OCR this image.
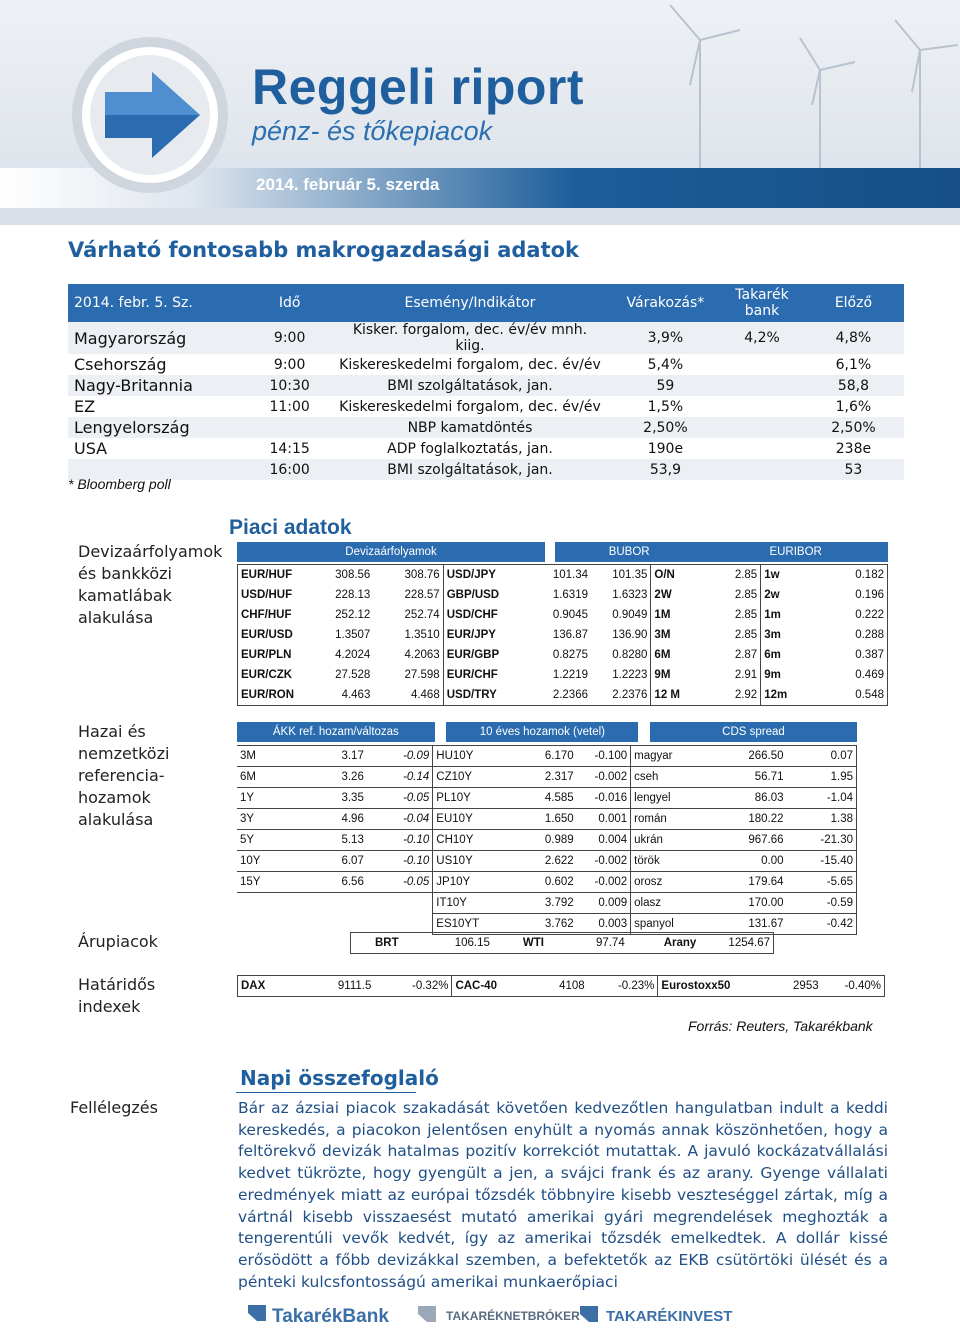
Reggeli riport
pénz- és tőkepiacok
2014. február 5. szerda
Várható fontosabb makrogazdasági adatok
2014. febr. 5. Sz.	Idő	Esemény/Indikátor	Várakozás*	Takarék bank	Előző
Magyarország	9:00	Kisker. forgalom, dec. év/év mnh. kiig.	3,9%	4,2%	4,8%
Csehország	9:00	Kiskereskedelmi forgalom, dec. év/év	5,4%		6,1%
Nagy-Britannia	10:30	BMI szolgáltatások, jan.	59		58,8
EZ	11:00	Kiskereskedelmi forgalom, dec. év/év	1,5%		1,6%
Lengyelország		NBP kamatdöntés	2,50%		2,50%
USA	14:15	ADP foglalkoztatás, jan.	190e		238e
	16:00	BMI szolgáltatások, jan.	53,9		53
* Bloomberg poll
Piaci adatok
Devizaárfolyamok és bankközi kamatlábak alakulása
Devizaárfolyamok		BUBOR	EURIBOR
EUR/HUF	308.56	308.76	USD/JPY	101.34	101.35	O/N	2.85	1w	0.182
USD/HUF	228.13	228.57	GBP/USD	1.6319	1.6323	2W	2.85	2w	0.196
CHF/HUF	252.12	252.74	USD/CHF	0.9045	0.9049	1M	2.85	1m	0.222
EUR/USD	1.3507	1.3510	EUR/JPY	136.87	136.90	3M	2.85	3m	0.288
EUR/PLN	4.2024	4.2063	EUR/GBP	0.8275	0.8280	6M	2.87	6m	0.387
EUR/CZK	27.528	27.598	EUR/CHF	1.2219	1.2223	9M	2.91	9m	0.469
EUR/RON	4.463	4.468	USD/TRY	2.2366	2.2376	12 M	2.92	12m	0.548
Hazai és nemzetközi referencia-hozamok alakulása
ÁKK ref. hozam/változas		10 éves hozamok (vetel)		CDS spread
3M	3.17	-0.09	HU10Y	6.170	-0.100	magyar	266.50	0.07
6M	3.26	-0.14	CZ10Y	2.317	-0.002	cseh	56.71	1.95
1Y	3.35	-0.05	PL10Y	4.585	-0.016	lengyel	86.03	-1.04
3Y	4.96	-0.04	EU10Y	1.650	0.001	román	180.22	1.38
5Y	5.13	-0.10	CH10Y	0.989	0.004	ukrán	967.66	-21.30
10Y	6.07	-0.10	US10Y	2.622	-0.002	török	0.00	-15.40
15Y	6.56	-0.05	JP10Y	0.602	-0.002	orosz	179.64	-5.65
			IT10Y	3.792	0.009	olasz	170.00	-0.59
			ES10YT	3.762	0.003	spanyol	131.67	-0.42
Árupiacok	BRT	106.15	WTI	97.74	Arany	1254.67
Határidős indexek
DAX	9111.5	-0.32%	CAC-40	4108	-0.23%	Eurostoxx50	2953	-0.40%
Forrás: Reuters, Takarékbank
Fellélegzés
Napi összefoglaló
Bár az ázsiai piacok szakadását követően kedvezőtlen hangulatban indult a keddi kereskedés, a piacokon jelentősen enyhült a nyomás annak köszönhetően, hogy a feltörekvő devizák hatalmas pozitív korrekciót mutattak. A javuló kockázatvállalási kedvet tükrözte, hogy gyengült a jen, a svájci frank és az arany. Gyenge vállalati eredmények miatt az európai tőzsdék többnyire kisebb veszteséggel zártak, míg a vártnál kisebb visszaesést mutató amerikai gyári megrendelések meghozták a tengerentúli vevők kedvét, így az amerikai tőzsdék emelkedtek. A dollár kissé erősödött a főbb devizákkal szemben, a befektetők az EKB csütörtöki ülését és a pénteki kulcsfontosságú amerikai munkaerőpiaci
TakarékBank	TAKARÉKNETBRÓKER TAKARÉKINVEST
